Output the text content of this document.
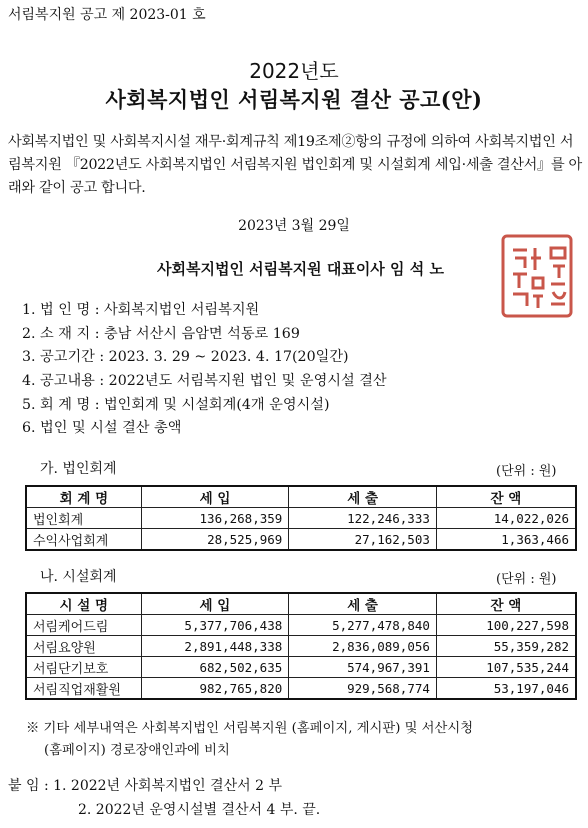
서림복지원 공고 제 2023-01 호
2022년도
사회복지법인 서림복지원 결산 공고(안)
사회복지법인 및 사회복지시설 재무·회계규칙 제19조제②항의 규정에 의하여 사회복지법인 서림복지원 『2022년도 사회복지법인 서림복지원 법인회계 및 시설회계 세입·세출 결산서』를 아래와 같이 공고 합니다.
2023년 3월 29일
사회복지법인 서림복지원 대표이사 임 석 노
1. 법 인 명 : 사회복지법인 서림복지원
2. 소 재 지 : 충남 서산시 음암면 석동로 169
3. 공고기간 : 2023. 3. 29 ~ 2023. 4. 17(20일간)
4. 공고내용 : 2022년도 서림복지원 법인 및 운영시설 결산
5. 회 계 명 : 법인회계 및 시설회계(4개 운영시설)
6. 법인 및 시설 결산 총액
가. 법인회계	(단위 : 원)
회 계 명	세 입	세 출	잔 액
법인회계	136,268,359	122,246,333	14,022,026
수익사업회계	28,525,969	27,162,503	1,363,466
나. 시설회계	(단위 : 원)
시 설 명	세 입	세 출	잔 액
서림케어드림	5,377,706,438	5,277,478,840	100,227,598
서림요양원	2,891,448,338	2,836,089,056	55,359,282
서림단기보호	682,502,635	574,967,391	107,535,244
서림직업재활원	982,765,820	929,568,774	53,197,046
※ 기타 세부내역은 사회복지법인 서림복지원 (홈페이지, 게시판) 및 서산시청
(홈페이지) 경로장애인과에 비치
붙 임 : 1. 2022년 사회복지법인 결산서 2 부
2. 2022년 운영시설별 결산서 4 부. 끝.
